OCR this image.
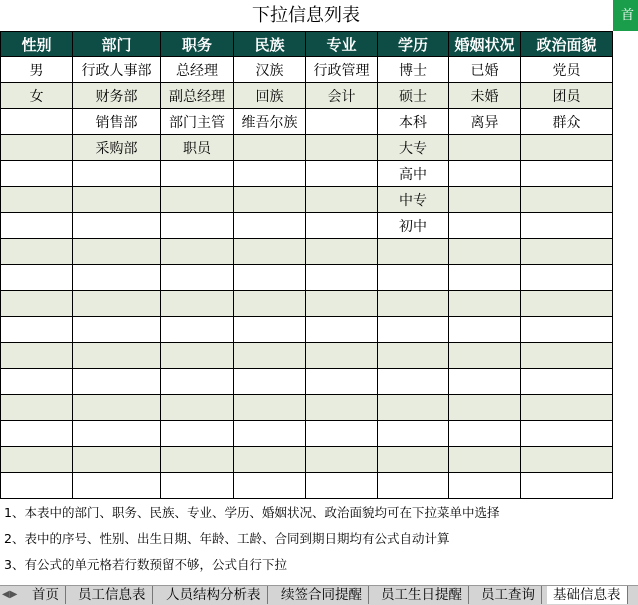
下拉信息列表	首
性别	部门	职务	民族	专业	学历	婚姻状况	政治面貌
男	行政人事部	总经理	汉族	行政管理	博士	已婚	党员
女	财务部	副总经理	回族	会计	硕士	未婚	团员
	销售部	部门主管	维吾尔族		本科	离异	群众
	采购部	职员			大专		
					高中		
					中专		
					初中		

1、本表中的部门、职务、民族、专业、学历、婚姻状况、政治面貌均可在下拉菜单中选择
2、表中的序号、性别、出生日期、年龄、工龄、合同到期日期均有公式自动计算
3、有公式的单元格若行数预留不够，公式自行下拉
◀▶	首页	员工信息表	人员结构分析表	续签合同提醒	员工生日提醒	员工查询	基础信息表
